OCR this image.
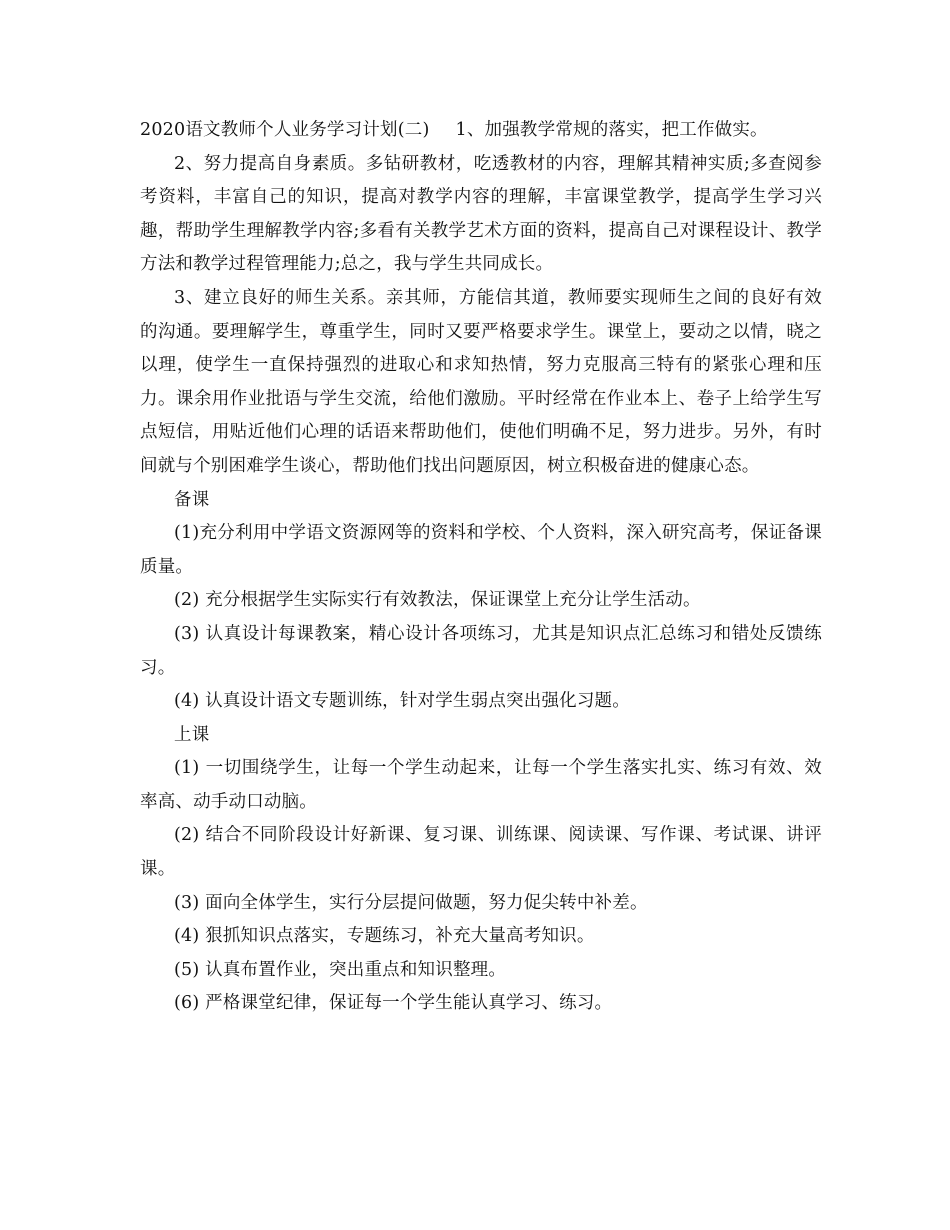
2020语文教师个人业务学习计划(二) 1、加强教学常规的落实，把工作做实。

2、努力提高自身素质。多钻研教材，吃透教材的内容，理解其精神实质;多查阅参考资料，丰富自己的知识，提高对教学内容的理解，丰富课堂教学，提高学生学习兴趣，帮助学生理解教学内容;多看有关教学艺术方面的资料，提高自己对课程设计、教学方法和教学过程管理能力;总之，我与学生共同成长。

3、建立良好的师生关系。亲其师，方能信其道，教师要实现师生之间的良好有效的沟通。要理解学生，尊重学生，同时又要严格要求学生。课堂上，要动之以情，晓之以理，使学生一直保持强烈的进取心和求知热情，努力克服高三特有的紧张心理和压力。课余用作业批语与学生交流，给他们激励。平时经常在作业本上、卷子上给学生写点短信，用贴近他们心理的话语来帮助他们，使他们明确不足，努力进步。另外，有时间就与个别困难学生谈心，帮助他们找出问题原因，树立积极奋进的健康心态。

备课

(1)充分利用中学语文资源网等的资料和学校、个人资料，深入研究高考，保证备课质量。

(2) 充分根据学生实际实行有效教法，保证课堂上充分让学生活动。

(3) 认真设计每课教案，精心设计各项练习，尤其是知识点汇总练习和错处反馈练习。

(4) 认真设计语文专题训练，针对学生弱点突出强化习题。

上课

(1) 一切围绕学生，让每一个学生动起来，让每一个学生落实扎实、练习有效、效率高、动手动口动脑。

(2) 结合不同阶段设计好新课、复习课、训练课、阅读课、写作课、考试课、讲评课。

(3) 面向全体学生，实行分层提问做题，努力促尖转中补差。

(4) 狠抓知识点落实，专题练习，补充大量高考知识。

(5) 认真布置作业，突出重点和知识整理。

(6) 严格课堂纪律，保证每一个学生能认真学习、练习。
